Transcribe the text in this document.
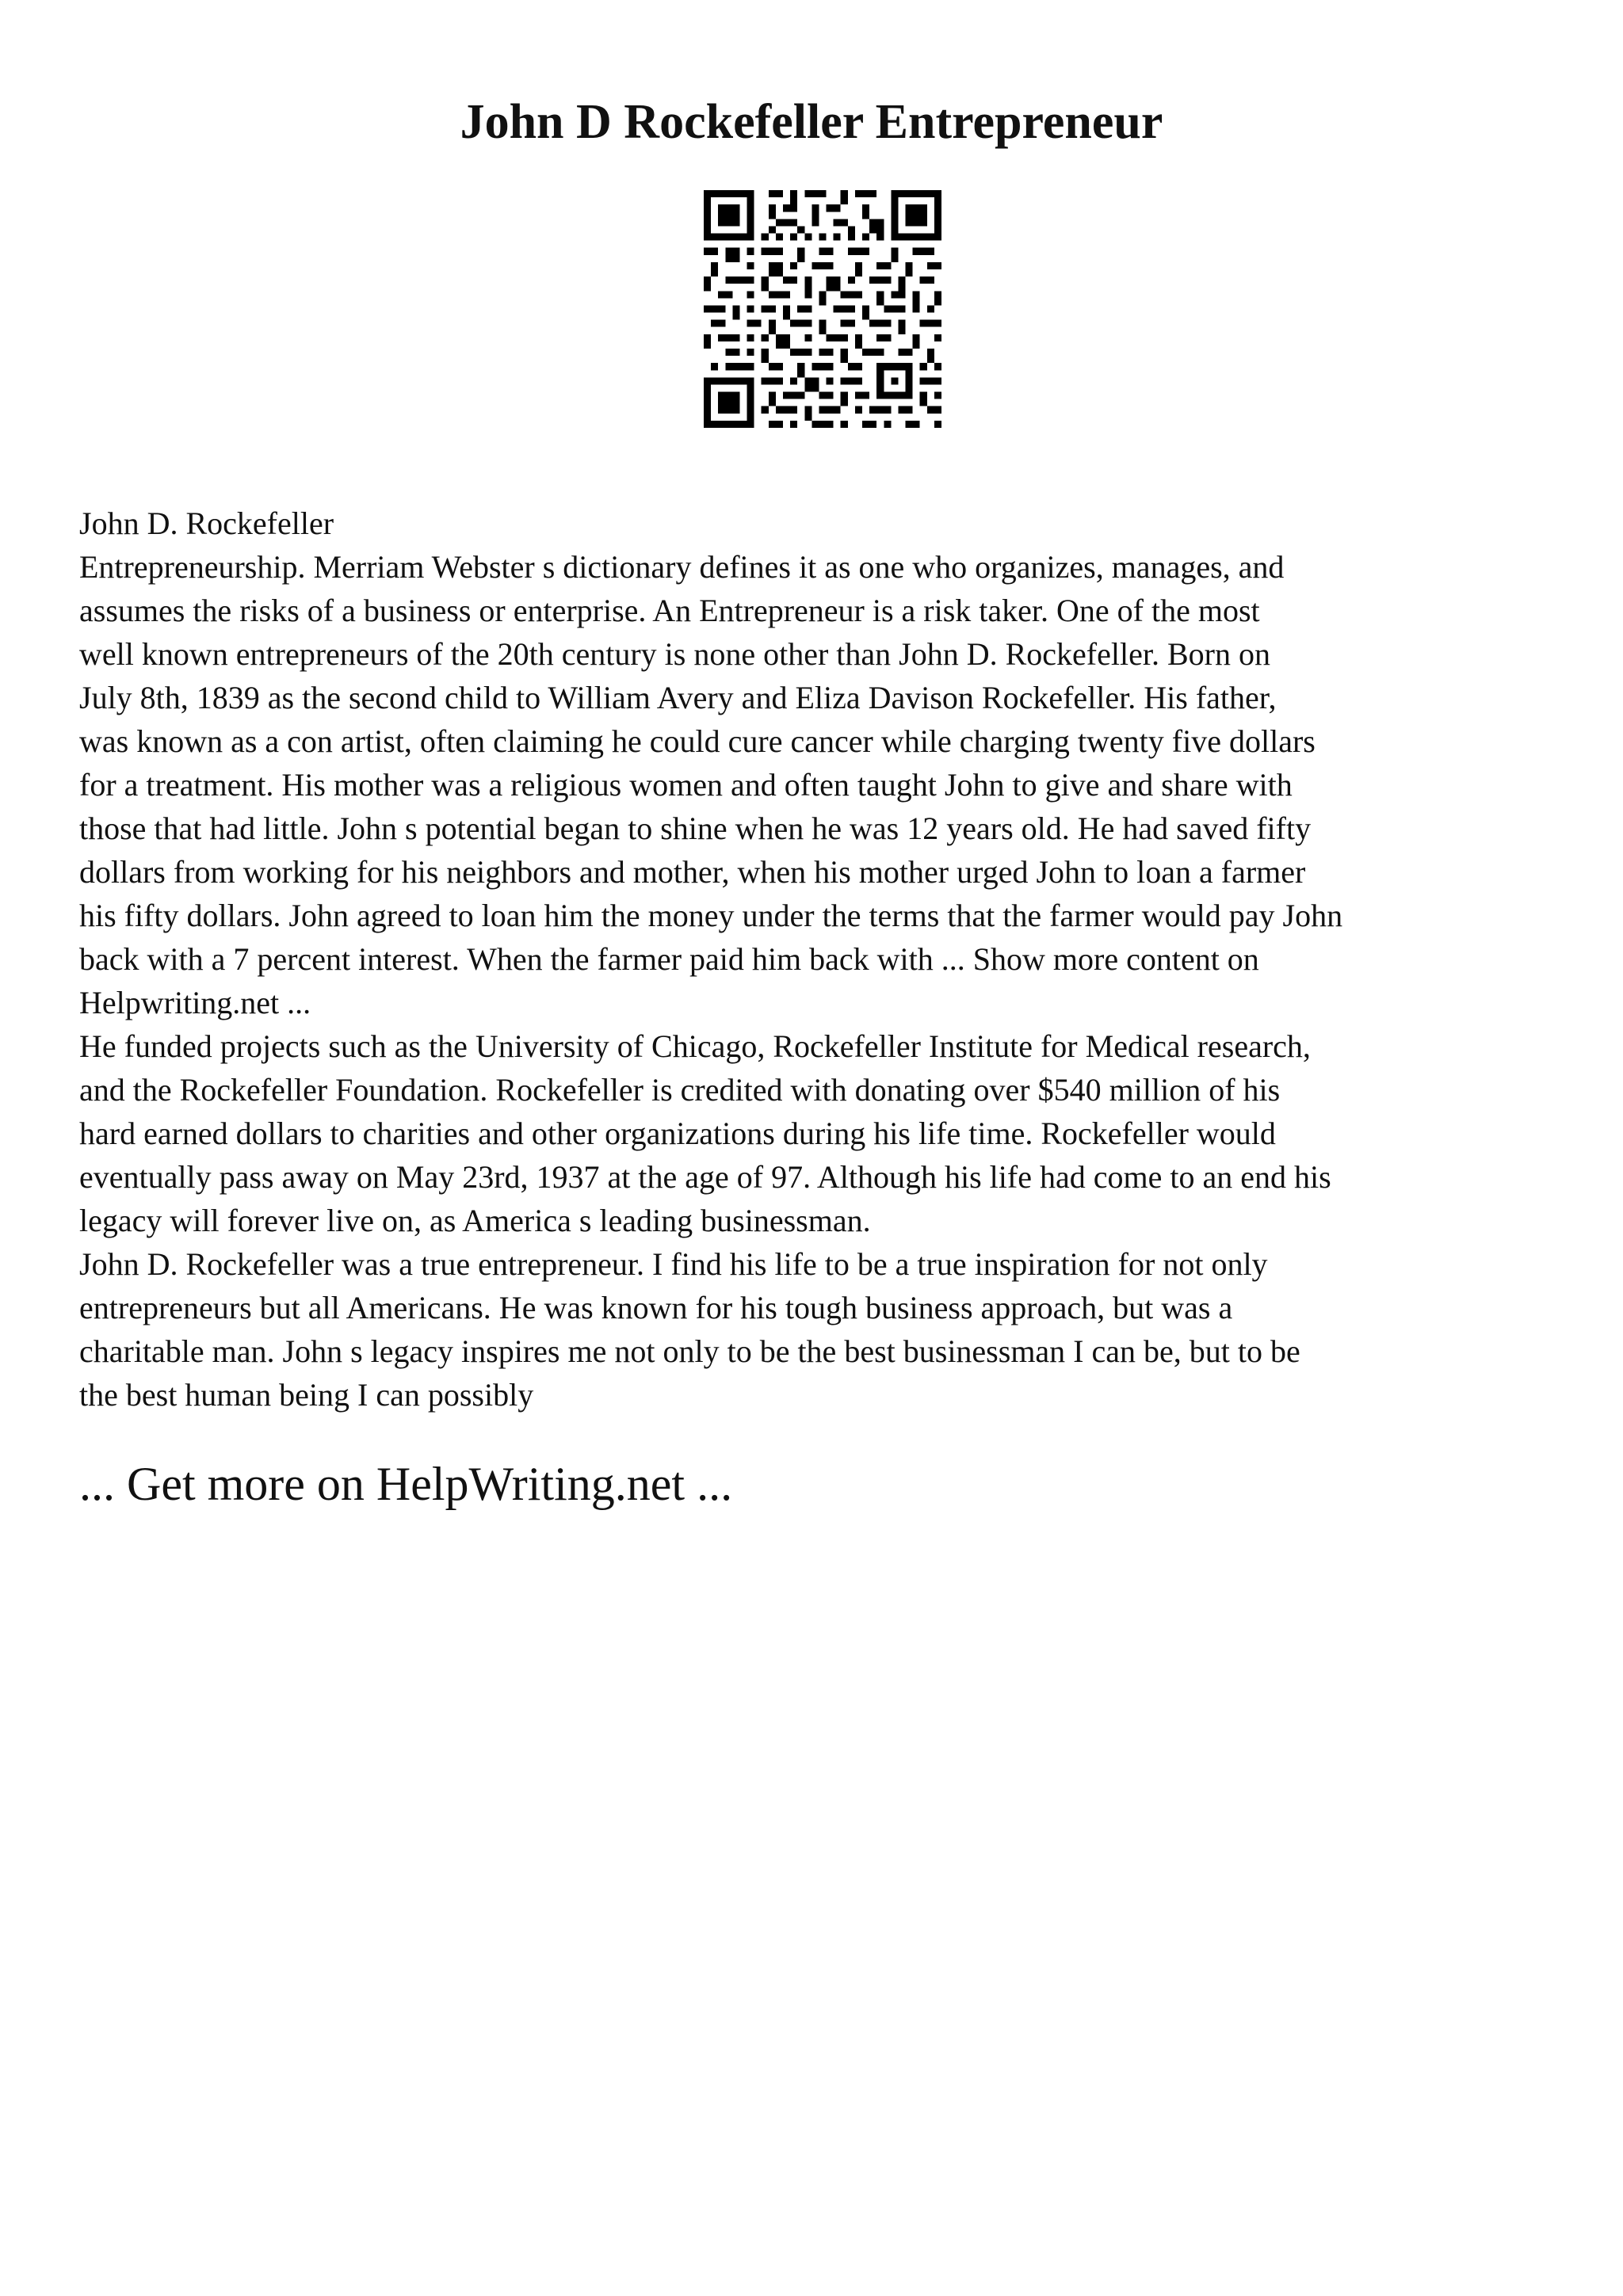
John D Rockefeller Entrepreneur

John D. Rockefeller

Entrepreneurship. Merriam Webster s dictionary defines it as one who organizes, manages, and
assumes the risks of a business or enterprise. An Entrepreneur is a risk taker. One of the most
well known entrepreneurs of the 20th century is none other than John D. Rockefeller. Born on
July 8th, 1839 as the second child to William Avery and Eliza Davison Rockefeller. His father,
was known as a con artist, often claiming he could cure cancer while charging twenty five dollars
for a treatment. His mother was a religious women and often taught John to give and share with
those that had little. John s potential began to shine when he was 12 years old. He had saved fifty
dollars from working for his neighbors and mother, when his mother urged John to loan a farmer
his fifty dollars. John agreed to loan him the money under the terms that the farmer would pay John
back with a 7 percent interest. When the farmer paid him back with ... Show more content on
Helpwriting.net ...

He funded projects such as the University of Chicago, Rockefeller Institute for Medical research,
and the Rockefeller Foundation. Rockefeller is credited with donating over $540 million of his
hard earned dollars to charities and other organizations during his life time. Rockefeller would
eventually pass away on May 23rd, 1937 at the age of 97. Although his life had come to an end his
legacy will forever live on, as America s leading businessman.

John D. Rockefeller was a true entrepreneur. I find his life to be a true inspiration for not only
entrepreneurs but all Americans. He was known for his tough business approach, but was a
charitable man. John s legacy inspires me not only to be the best businessman I can be, but to be
the best human being I can possibly

... Get more on HelpWriting.net ...
